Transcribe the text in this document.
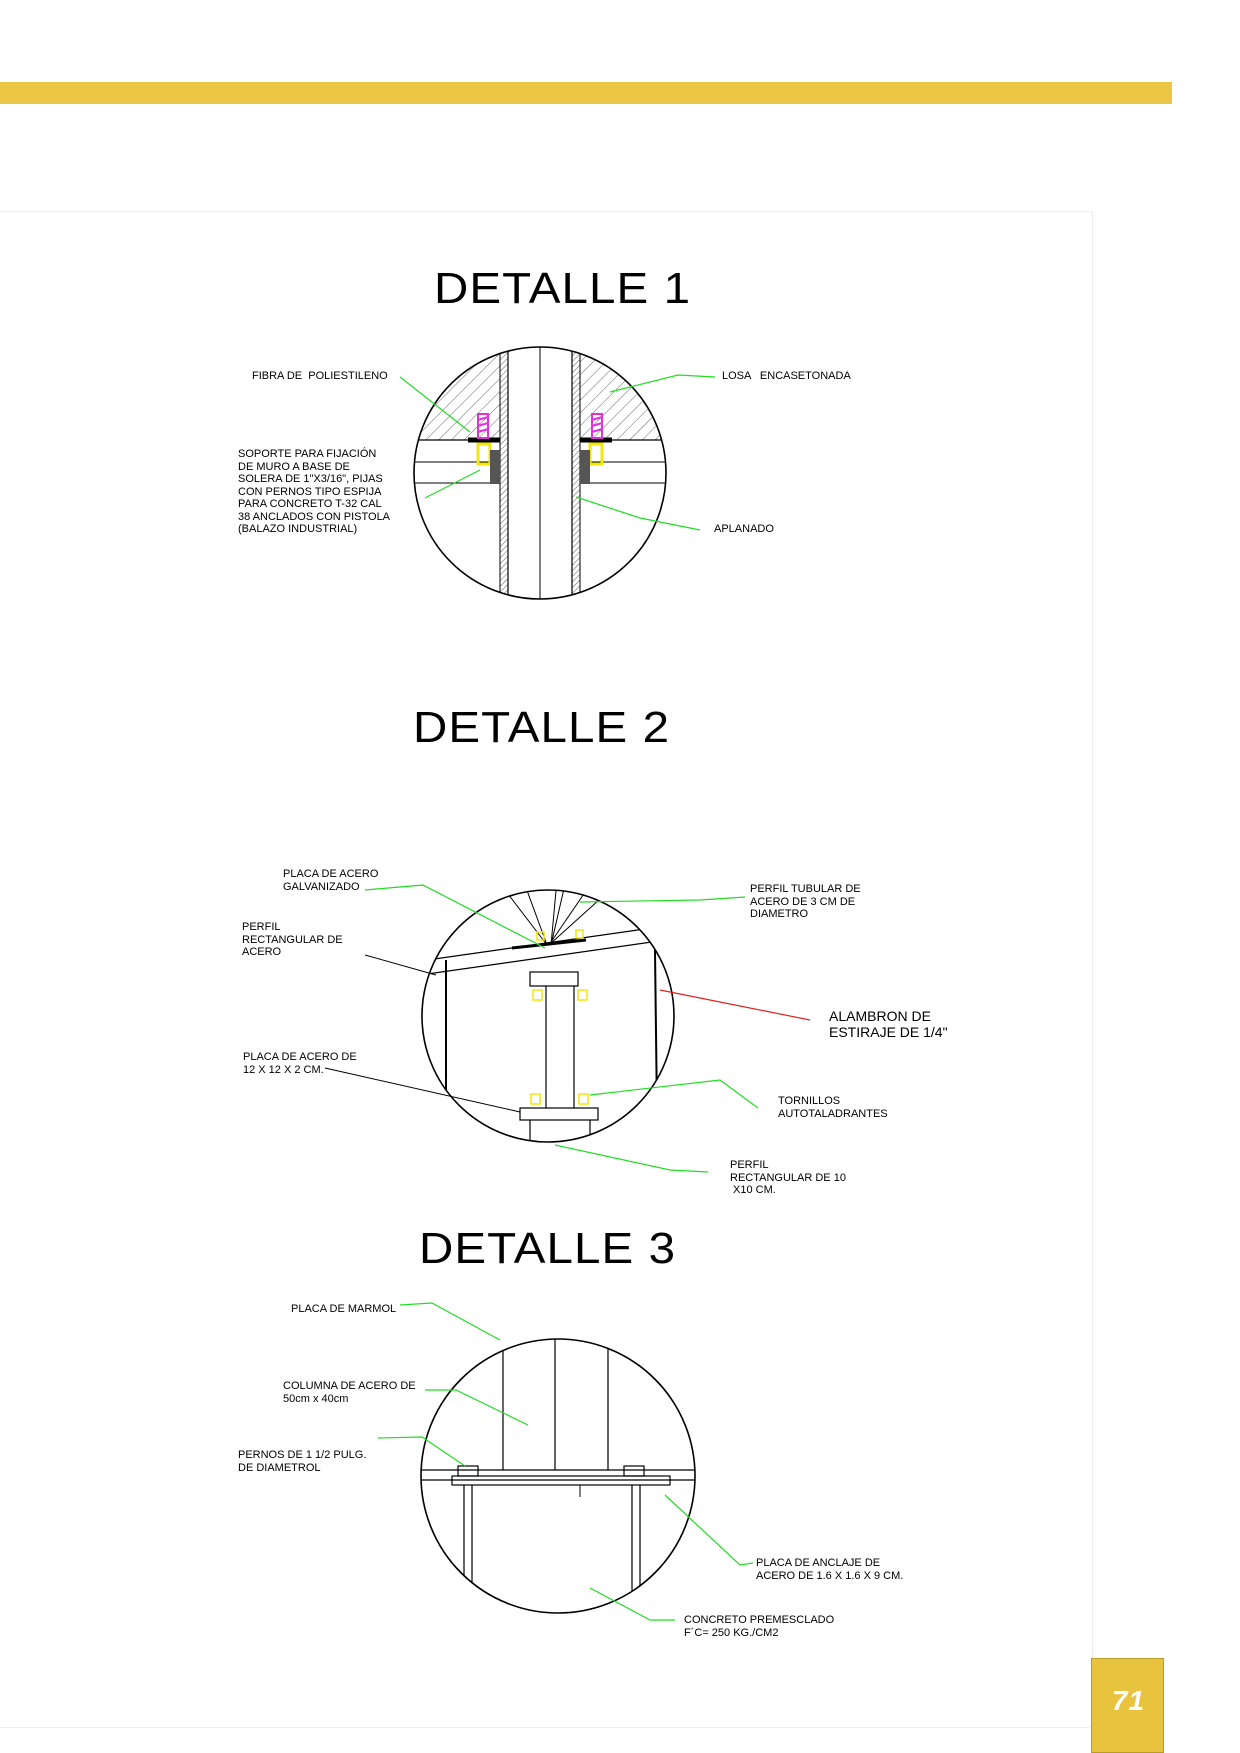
DETALLE 1
DETALLE 2
DETALLE 3
FIBRA DE  POLIESTILENO	LOSA   ENCASETONADA
SOPORTE PARA FIJACIÓN
DE MURO A BASE DE
SOLERA DE 1"X3/16", PIJAS
CON PERNOS TIPO ESPIJA
PARA CONCRETO T-32 CAL
38 ANCLADOS CON PISTOLA
(BALAZO INDUSTRIAL)	APLANADO
PLACA DE ACERO
GALVANIZADO	PERFIL TUBULAR DE
ACERO DE 3 CM DE
DIAMETRO
PERFIL
RECTANGULAR DE
ACERO
ALAMBRON DE
ESTIRAJE DE 1/4"
PLACA DE ACERO DE
12 X 12 X 2 CM.
TORNILLOS
AUTOTALADRANTES
PERFIL
RECTANGULAR DE 10
X10 CM.
PLACA DE MARMOL
COLUMNA DE ACERO DE
50cm x 40cm
PERNOS DE 1 1/2 PULG.
DE DIAMETROL
PLACA DE ANCLAJE DE
ACERO DE 1.6 X 1.6 X 9 CM.
CONCRETO PREMESCLADO
F´C= 250 KG./CM2
71
